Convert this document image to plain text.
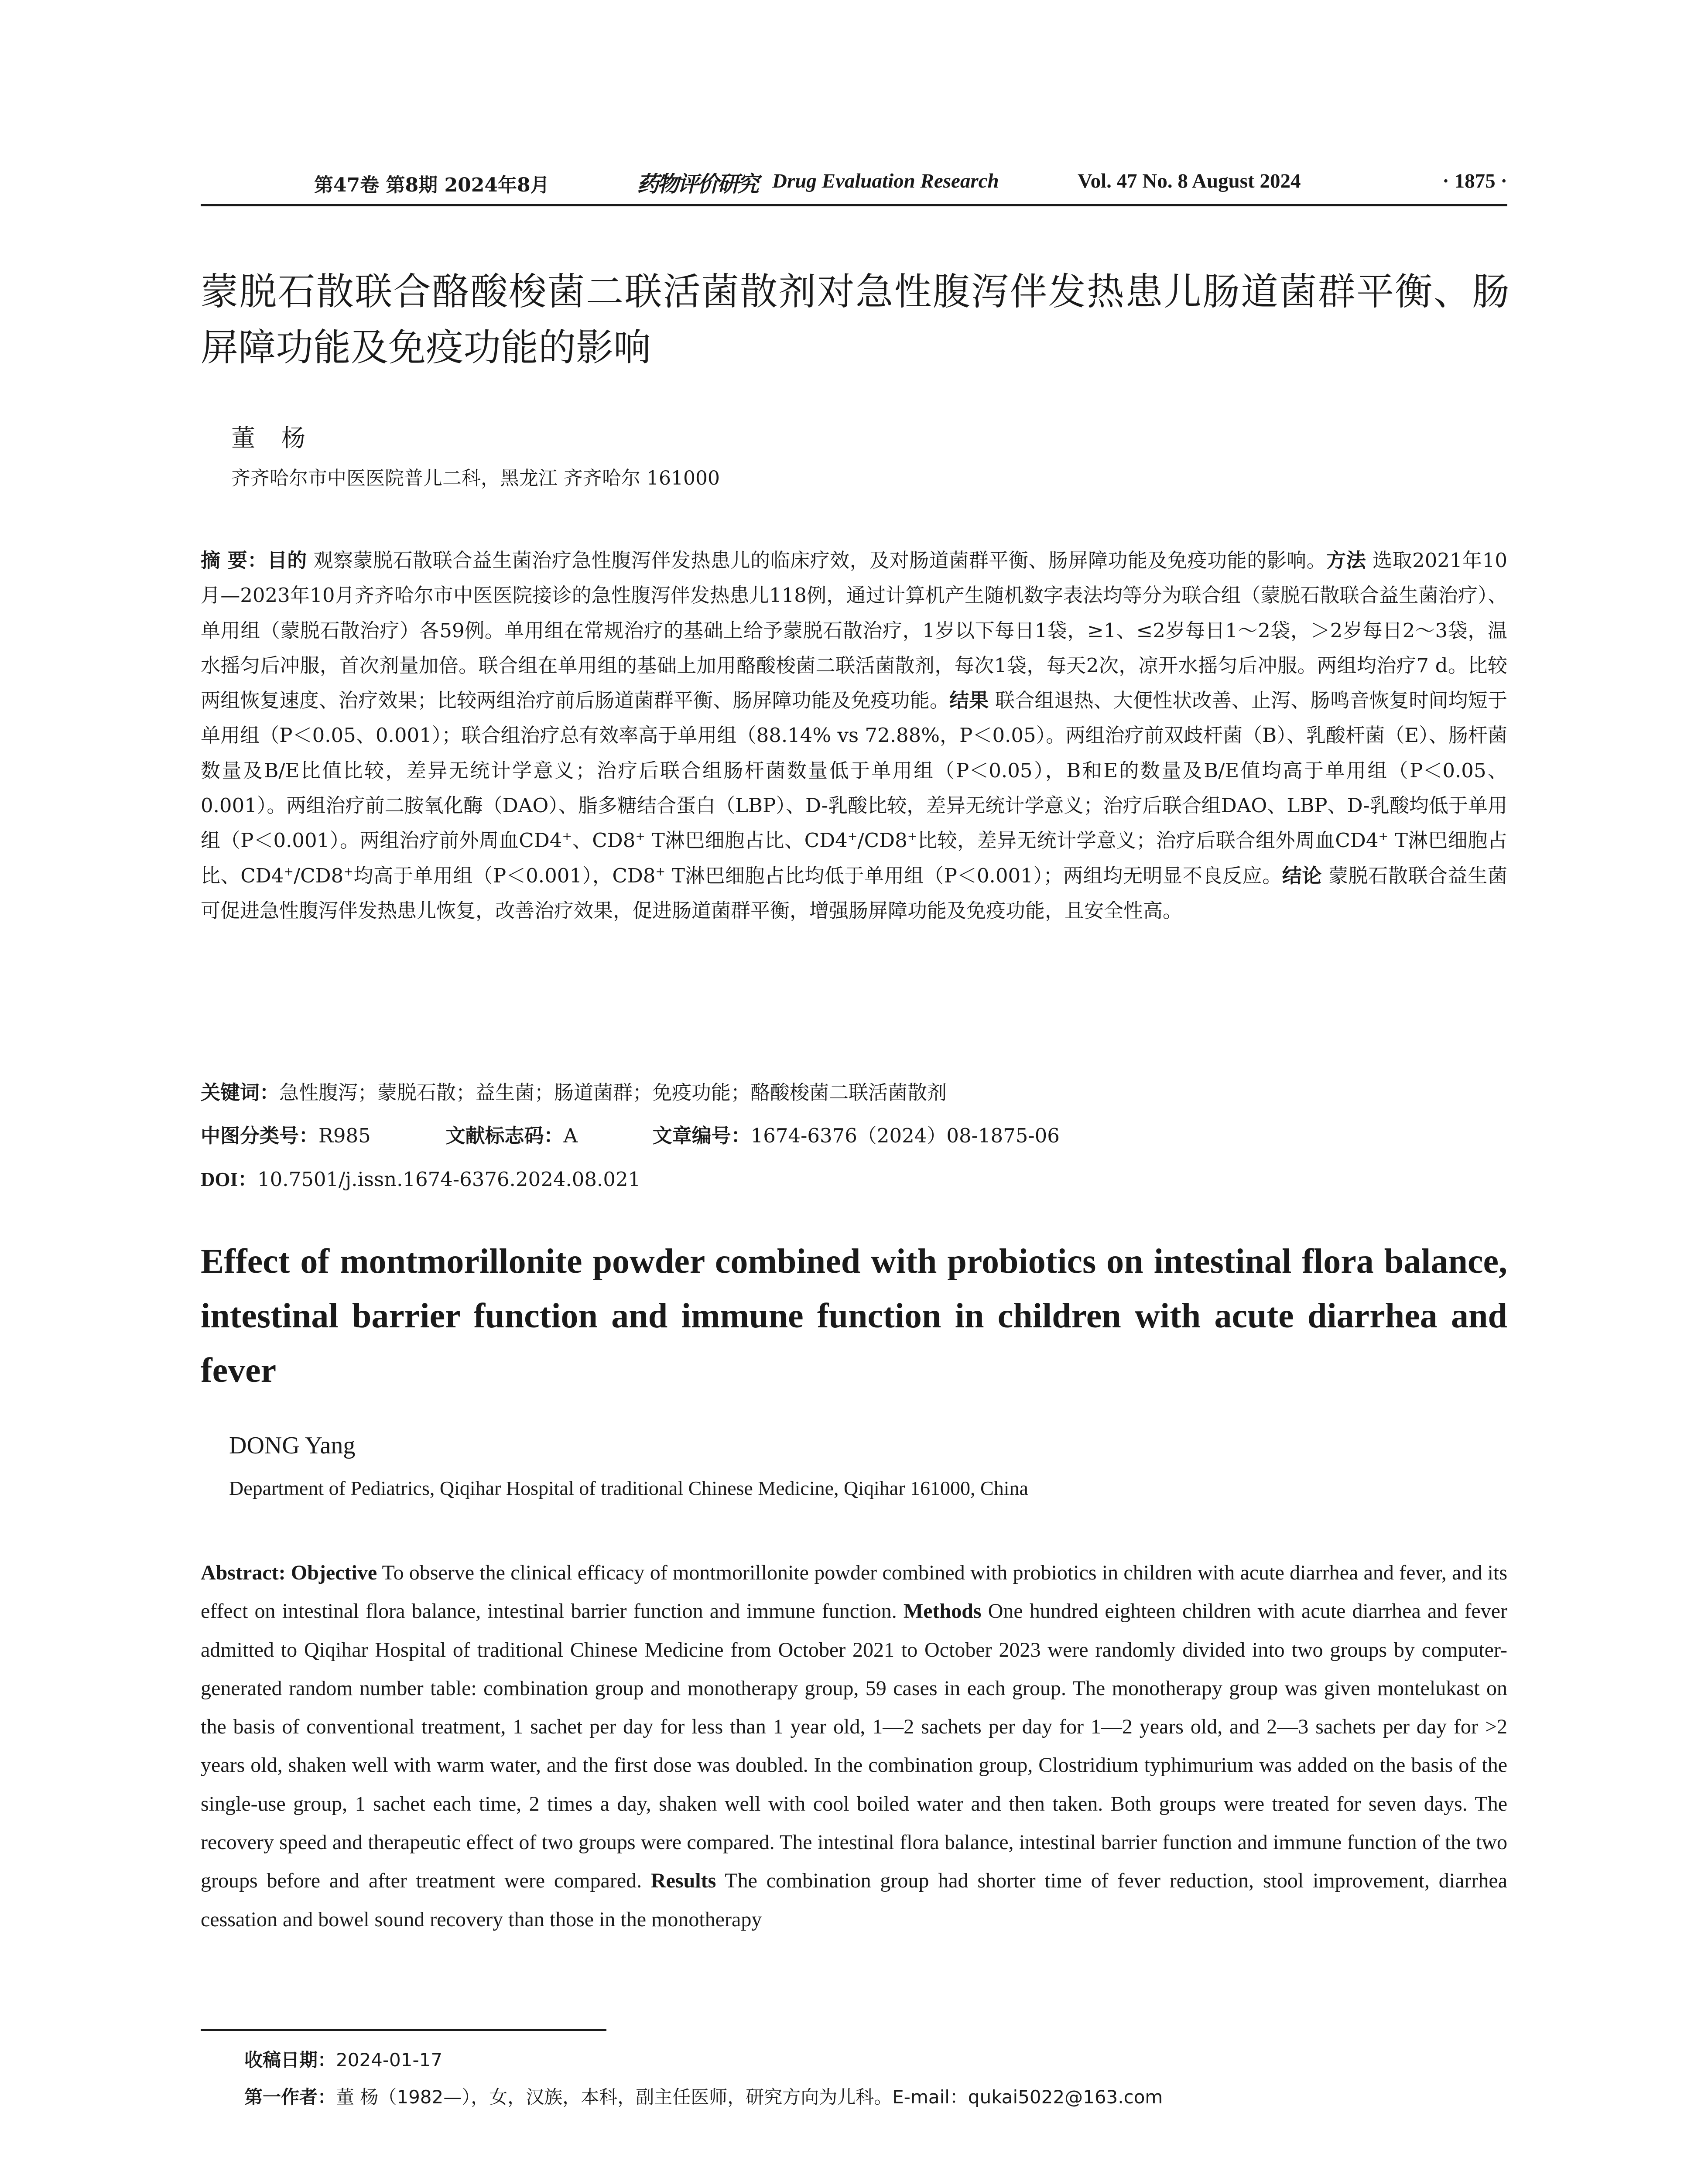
第47卷 第8期 2024年8月	药物评价研究 Drug Evaluation Research	Vol. 47 No. 8 August 2024	· 1875 ·
蒙脱石散联合酪酸梭菌二联活菌散剂对急性腹泻伴发热患儿肠道菌群平衡、肠屏障功能及免疫功能的影响
董杨
齐齐哈尔市中医医院普儿二科，黑龙江 齐齐哈尔 161000
摘 要：目的 观察蒙脱石散联合益生菌治疗急性腹泻伴发热患儿的临床疗效，及对肠道菌群平衡、肠屏障功能及免疫功能的影响。方法 选取2021年10月—2023年10月齐齐哈尔市中医医院接诊的急性腹泻伴发热患儿118例，通过计算机产生随机数字表法均等分为联合组（蒙脱石散联合益生菌治疗）、单用组（蒙脱石散治疗）各59例。单用组在常规治疗的基础上给予蒙脱石散治疗，1岁以下每日1袋，≥1、≤2岁每日1～2袋，＞2岁每日2～3袋，温水摇匀后冲服，首次剂量加倍。联合组在单用组的基础上加用酪酸梭菌二联活菌散剂，每次1袋，每天2次，凉开水摇匀后冲服。两组均治疗7 d。比较两组恢复速度、治疗效果；比较两组治疗前后肠道菌群平衡、肠屏障功能及免疫功能。结果 联合组退热、大便性状改善、止泻、肠鸣音恢复时间均短于单用组（P＜0.05、0.001）；联合组治疗总有效率高于单用组（88.14% vs 72.88%，P＜0.05）。两组治疗前双歧杆菌（B）、乳酸杆菌（E）、肠杆菌数量及B/E比值比较，差异无统计学意义；治疗后联合组肠杆菌数量低于单用组（P＜0.05），B和E的数量及B/E值均高于单用组（P＜0.05、0.001）。两组治疗前二胺氧化酶（DAO）、脂多糖结合蛋白（LBP）、D-乳酸比较，差异无统计学意义；治疗后联合组DAO、LBP、D-乳酸均低于单用组（P＜0.001）。两组治疗前外周血CD4+、CD8+ T淋巴细胞占比、CD4+/CD8+比较，差异无统计学意义；治疗后联合组外周血CD4+ T淋巴细胞占比、CD4+/CD8+均高于单用组（P＜0.001），CD8+ T淋巴细胞占比均低于单用组（P＜0.001）；两组均无明显不良反应。结论 蒙脱石散联合益生菌可促进急性腹泻伴发热患儿恢复，改善治疗效果，促进肠道菌群平衡，增强肠屏障功能及免疫功能，且安全性高。
关键词：急性腹泻；蒙脱石散；益生菌；肠道菌群；免疫功能；酪酸梭菌二联活菌散剂
中图分类号：R985	文献标志码：A	文章编号：1674-6376（2024）08-1875-06
DOI：10.7501/j.issn.1674-6376.2024.08.021
Effect of montmorillonite powder combined with probiotics on intestinal flora balance, intestinal barrier function and immune function in children with acute diarrhea and fever
DONG Yang
Department of Pediatrics, Qiqihar Hospital of traditional Chinese Medicine, Qiqihar 161000, China
Abstract: Objective To observe the clinical efficacy of montmorillonite powder combined with probiotics in children with acute diarrhea and fever, and its effect on intestinal flora balance, intestinal barrier function and immune function. Methods One hundred eighteen children with acute diarrhea and fever admitted to Qiqihar Hospital of traditional Chinese Medicine from October 2021 to October 2023 were randomly divided into two groups by computer-generated random number table: combination group and monotherapy group, 59 cases in each group. The monotherapy group was given montelukast on the basis of conventional treatment, 1 sachet per day for less than 1 year old, 1—2 sachets per day for 1—2 years old, and 2—3 sachets per day for >2 years old, shaken well with warm water, and the first dose was doubled. In the combination group, Clostridium typhimurium was added on the basis of the single-use group, 1 sachet each time, 2 times a day, shaken well with cool boiled water and then taken. Both groups were treated for seven days. The recovery speed and therapeutic effect of two groups were compared. The intestinal flora balance, intestinal barrier function and immune function of the two groups before and after treatment were compared. Results The combination group had shorter time of fever reduction, stool improvement, diarrhea cessation and bowel sound recovery than those in the monotherapy
收稿日期：2024-01-17
第一作者：董 杨（1982—），女，汉族，本科，副主任医师，研究方向为儿科。E-mail：qukai5022@163.com
